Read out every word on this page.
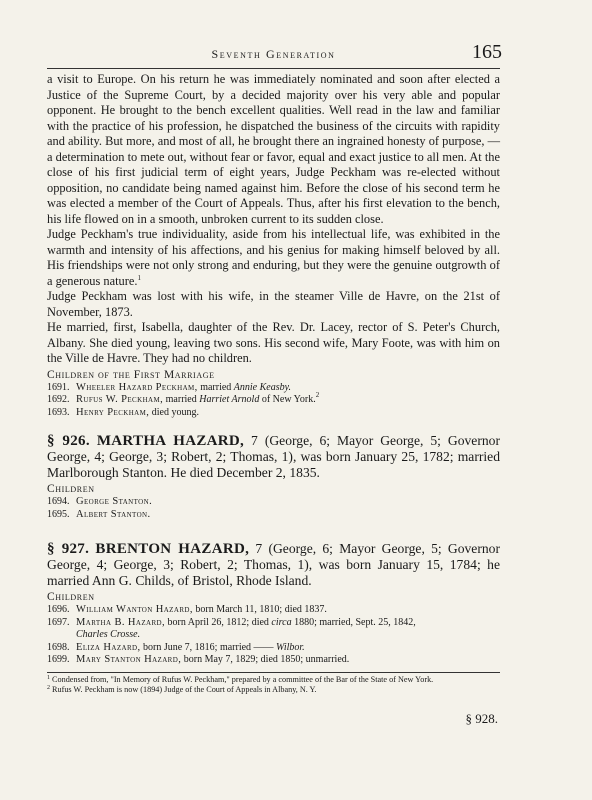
Seventh Generation	165

a visit to Europe. On his return he was immediately nominated and soon after elected a Justice of the Supreme Court, by a decided majority over his very able and popular opponent. He brought to the bench excellent qualities. Well read in the law and familiar with the practice of his profession, he dispatched the business of the circuits with rapidity and ability. But more, and most of all, he brought there an ingrained honesty of purpose, — a determination to mete out, without fear or favor, equal and exact justice to all men. At the close of his first judicial term of eight years, Judge Peckham was re-elected without opposition, no candidate being named against him. Before the close of his second term he was elected a member of the Court of Appeals. Thus, after his first elevation to the bench, his life flowed on in a smooth, unbroken current to its sudden close.

Judge Peckham's true individuality, aside from his intellectual life, was exhibited in the warmth and intensity of his affections, and his genius for making himself beloved by all. His friendships were not only strong and enduring, but they were the genuine outgrowth of a generous nature.$^1$

Judge Peckham was lost with his wife, in the steamer Ville de Havre, on the 21st of November, 1873.

He married, first, Isabella, daughter of the Rev. Dr. Lacey, rector of S. Peter's Church, Albany. She died young, leaving two sons. His second wife, Mary Foote, was with him on the Ville de Havre. They had no children.

Children of the First Marriage

1691. Wheeler Hazard Peckham, married Annie Keasby.

1692. Rufus W. Peckham, married Harriet Arnold of New York.$^2$

1693. Henry Peckham, died young.

§ 926. MARTHA HAZARD, 7 (George, 6; Mayor George, 5; Governor George, 4; George, 3; Robert, 2; Thomas, 1), was born January 25, 1782; married Marlborough Stanton. He died December 2, 1835.

Children

1694. George Stanton.

1695. Albert Stanton.

§ 927. BRENTON HAZARD, 7 (George, 6; Mayor George, 5; Governor George, 4; George, 3; Robert, 2; Thomas, 1), was born January 15, 1784; he married Ann G. Childs, of Bristol, Rhode Island.

Children

1696. William Wanton Hazard, born March 11, 1810; died 1837.

1697. Martha B. Hazard, born April 26, 1812; died circa 1880; married, Sept. 25, 1842,

Charles Crosse.

1698. Eliza Hazard, born June 7, 1816; married —— Wilbor.

1699. Mary Stanton Hazard, born May 7, 1829; died 1850; unmarried.

$^1$ Condensed from, "In Memory of Rufus W. Peckham," prepared by a committee of the Bar of the State of New York.

$^2$ Rufus W. Peckham is now (1894) Judge of the Court of Appeals in Albany, N. Y.

§ 928.
